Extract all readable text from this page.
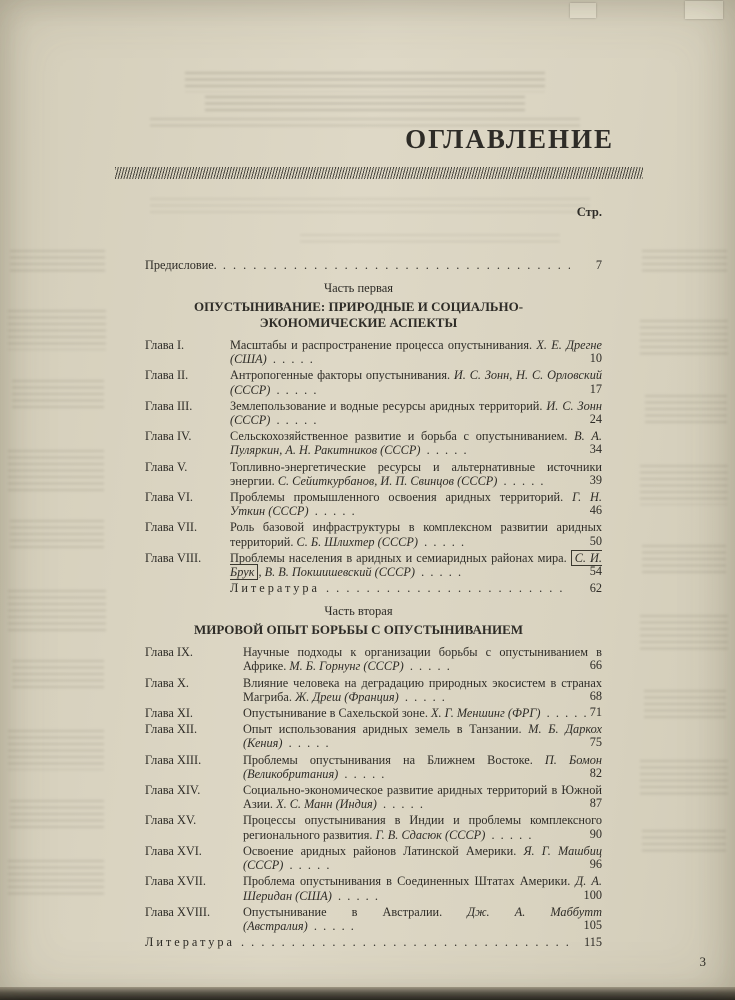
ОГЛАВЛЕНИЕ
Стр.
Предисловие. . . .	7
Часть первая
ОПУСТЫНИВАНИЕ: ПРИРОДНЫЕ И СОЦИАЛЬНО-ЭКОНОМИЧЕСКИЕ АСПЕКТЫ
Глава I.	Масштабы и распространение процесса опустынивания. Х. Е. Дрегне (США) .  .	10
Глава II.	Антропогенные факторы опустынивания. И. С. Зонн, Н. С. Орловский (СССР) .  .	17
Глава III.	Землепользование и водные ресурсы аридных территорий. И. С. Зонн (СССР) .  .	24
Глава IV.	Сельскохозяйственное развитие и борьба с опустыниванием. В. А. Пуляркин, А. Н. Ракитников (СССР) .  .	34
Глава V.	Топливно-энергетические ресурсы и альтернативные источники энергии. С. Сейиткурбанов, И. П. Свинцов (СССР) .  .	39
Глава VI.	Проблемы промышленного освоения аридных территорий. Г. Н. Уткин (СССР) .  .	46
Глава VII.	Роль базовой инфраструктуры в комплексном развитии аридных территорий. С. Б. Шлихтер (СССР) .  .	50
Глава VIII.	Проблемы населения в аридных и семиаридных районах мира. С. И. Брук , В. В. Покшишевский (СССР) .  .	54
Литература . . .	62
Часть вторая
МИРОВОЙ ОПЫТ БОРЬБЫ С ОПУСТЫНИВАНИЕМ
Глава IX.	Научные подходы к организации борьбы с опустыниванием в Африке. М. Б. Горнунг (СССР) .  .	66
Глава X.	Влияние человека на деградацию природных экосистем в странах Магриба. Ж. Дреш (Франция) .  .	68
Глава XI.	Опустынивание в Сахельской зоне. Х. Г. Меншинг (ФРГ) .  .	71
Глава XII.	Опыт использования аридных земель в Танзании. М. Б. Даркох (Кения) .  .	75
Глава XIII.	Проблемы опустынивания на Ближнем Востоке. П. Бомон (Великобритания) .  .	82
Глава XIV.	Социально-экономическое развитие аридных территорий в Южной Азии. Х. С. Манн (Индия) .  .	87
Глава XV.	Процессы опустынивания в Индии и проблемы комплексного регионального развития. Г. В. Сдасюк (СССР) .  .	90
Глава XVI.	Освоение аридных районов Латинской Америки. Я. Г. Машбиц (СССР) .  .	96
Глава XVII.	Проблема опустынивания в Соединенных Штатах Америки. Д. А. Шеридан (США) .  .	100
Глава XVIII.	Опустынивание в Австралии. Дж. А. Маббутт (Австралия) .  .	105
Литература . . .	115
3
